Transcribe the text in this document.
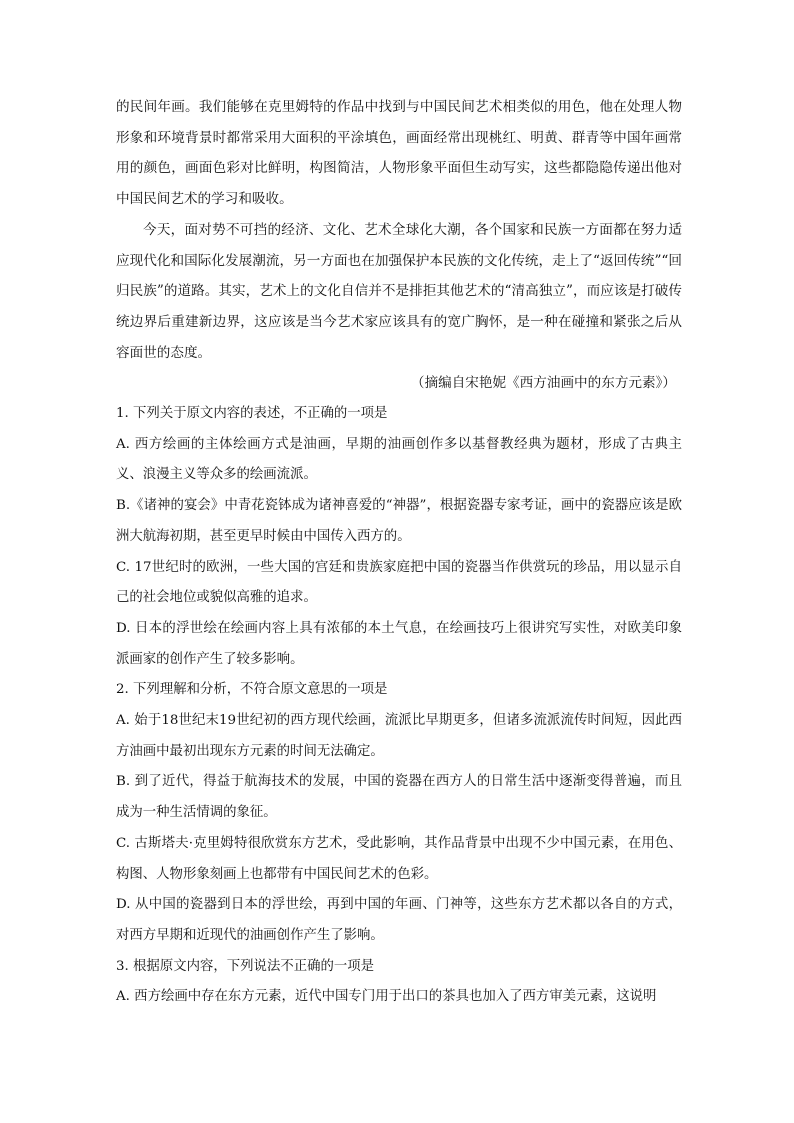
的民间年画。我们能够在克里姆特的作品中找到与中国民间艺术相类似的用色，他在处理人物形象和环境背景时都常采用大面积的平涂填色，画面经常出现桃红、明黄、群青等中国年画常用的颜色，画面色彩对比鲜明，构图简洁，人物形象平面但生动写实，这些都隐隐传递出他对中国民间艺术的学习和吸收。

今天，面对势不可挡的经济、文化、艺术全球化大潮，各个国家和民族一方面都在努力适应现代化和国际化发展潮流，另一方面也在加强保护本民族的文化传统，走上了“返回传统”“回归民族”的道路。其实，艺术上的文化自信并不是排拒其他艺术的“清高独立”，而应该是打破传统边界后重建新边界，这应该是当今艺术家应该具有的宽广胸怀，是一种在碰撞和紧张之后从容面世的态度。

（摘编自宋艳妮《西方油画中的东方元素》）

1. 下列关于原文内容的表述，不正确的一项是

A. 西方绘画的主体绘画方式是油画，早期的油画创作多以基督教经典为题材，形成了古典主义、浪漫主义等众多的绘画流派。

B.《诸神的宴会》中青花瓷钵成为诸神喜爱的“神器”，根据瓷器专家考证，画中的瓷器应该是欧洲大航海初期，甚至更早时候由中国传入西方的。

C. 17世纪时的欧洲，一些大国的宫廷和贵族家庭把中国的瓷器当作供赏玩的珍品，用以显示自己的社会地位或貌似高雅的追求。

D. 日本的浮世绘在绘画内容上具有浓郁的本土气息，在绘画技巧上很讲究写实性，对欧美印象派画家的创作产生了较多影响。

2. 下列理解和分析，不符合原文意思的一项是

A. 始于18世纪末19世纪初的西方现代绘画，流派比早期更多，但诸多流派流传时间短，因此西方油画中最初出现东方元素的时间无法确定。

B. 到了近代，得益于航海技术的发展，中国的瓷器在西方人的日常生活中逐渐变得普遍，而且成为一种生活情调的象征。

C. 古斯塔夫·克里姆特很欣赏东方艺术，受此影响，其作品背景中出现不少中国元素，在用色、构图、人物形象刻画上也都带有中国民间艺术的色彩。

D. 从中国的瓷器到日本的浮世绘，再到中国的年画、门神等，这些东方艺术都以各自的方式，对西方早期和近现代的油画创作产生了影响。

3. 根据原文内容，下列说法不正确的一项是

A. 西方绘画中存在东方元素，近代中国专门用于出口的茶具也加入了西方审美元素，这说明
